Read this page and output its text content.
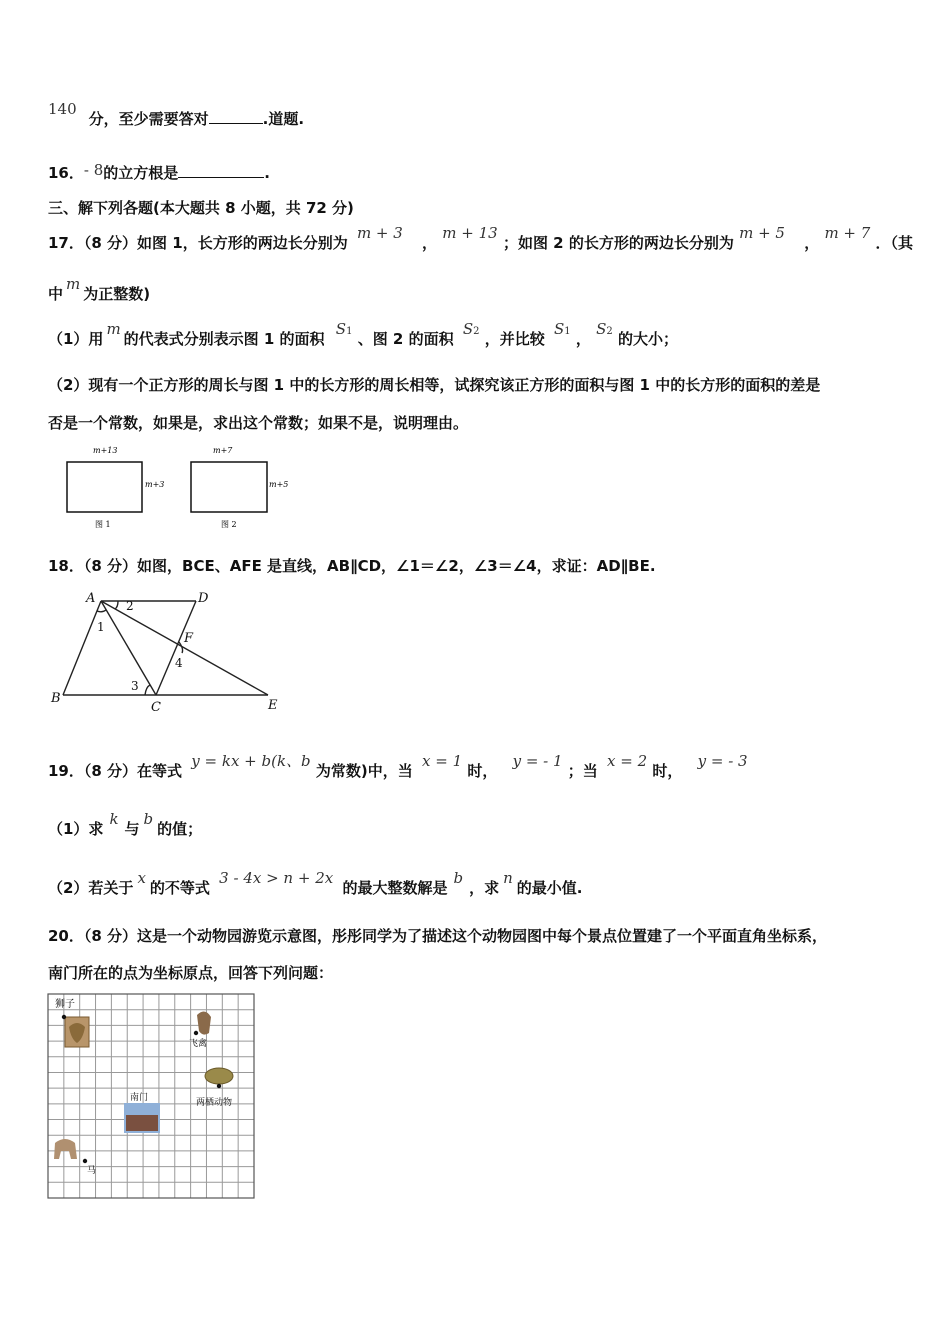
140分，至少需要答对	.道题.
16．- 8的立方根是	.
三、解下列各题(本大题共 8 小题，共 72 分)
17．（8 分）如图 1，长方形的两边长分别为 m + 3 ， m + 13 ；如图 2 的长方形的两边长分别为 m + 5 ， m + 7 ．（其
中m为正整数)
（1）用m的代表式分别表示图 1 的面积 S1 、图 2 的面积 S2 ，并比较 S1 ， S2 的大小；
（2）现有一个正方形的周长与图 1 中的长方形的周长相等，试探究该正方形的面积与图 1 中的长方形的面积的差是
否是一个常数，如果是，求出这个常数；如果不是，说明理由。
m+13
m+3
图 1
m+7
m+5
图 2
18．（8 分）如图，BCE、AFE 是直线，AB∥CD，∠1＝∠2，∠3＝∠4，求证：AD∥BE.
A	D
B
C	E
F
1
2
3
4
19．（8 分）在等式 y = kx + b(k、b 为常数)中，当 x = 1 时， y = - 1 ；当 x = 2 时， y = - 3
（1）求k与b的值；
（2）若关于x的不等式 3 - 4x > n + 2x 的最大整数解是b，求n的最小值.
20．（8 分）这是一个动物园游览示意图，彤彤同学为了描述这个动物园图中每个景点位置建了一个平面直角坐标系，
南门所在的点为坐标原点，回答下列问题：
狮子
飞禽
两栖动物
南门
马
